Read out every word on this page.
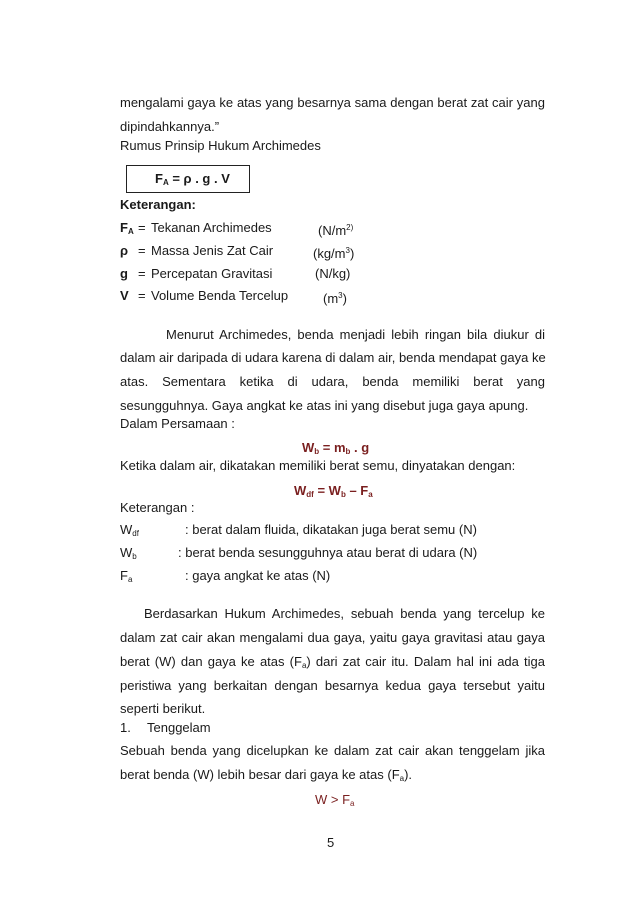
mengalami gaya ke atas yang besarnya sama dengan berat zat cair yang
dipindahkannya.”
Rumus Prinsip Hukum Archimedes
$F_A = \rho$ . g . V
Keterangan:
$F_A$ = Tekanan Archimedes	($N/m^{2)}$
ρ = Massa Jenis Zat Cair	$(kg/m^3)$
g = Percepatan Gravitasi	(N/kg)
V = Volume Benda Tercelup	$(m^3)$
Menurut Archimedes, benda menjadi lebih ringan bila diukur di
dalam air daripada di udara karena di dalam air, benda mendapat gaya ke
atas. Sementara ketika di udara, benda memiliki berat yang
sesungguhnya. Gaya angkat ke atas ini yang disebut juga gaya apung.
Dalam Persamaan :
$W_b = m_b$ . g
Ketika dalam air, dikatakan memiliki berat semu, dinyatakan dengan:
$W_{df} = W_b - F_a$
Keterangan :
$W_{df}$	: berat dalam fluida, dikatakan juga berat semu (N)
$W_b$	: berat benda sesungguhnya atau berat di udara (N)
$F_a$	: gaya angkat ke atas (N)
Berdasarkan Hukum Archimedes, sebuah benda yang tercelup ke
dalam zat cair akan mengalami dua gaya, yaitu gaya gravitasi atau gaya
berat (W) dan gaya ke atas $(F_a)$ dari zat cair itu. Dalam hal ini ada tiga
peristiwa yang berkaitan dengan besarnya kedua gaya tersebut yaitu
seperti berikut.
1. Tenggelam
Sebuah benda yang dicelupkan ke dalam zat cair akan tenggelam jika
berat benda (W) lebih besar dari gaya ke atas $(F_a)$.
$W > F_a$
5
